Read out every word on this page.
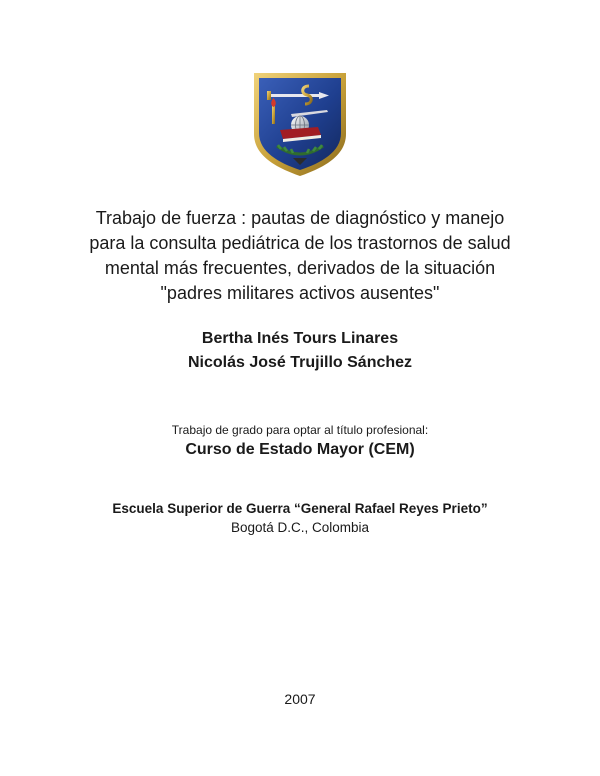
Trabajo de fuerza : pautas de diagnóstico y manejo
para la consulta pediátrica de los trastornos de salud
mental más frecuentes, derivados de la situación
"padres militares activos ausentes"
Bertha Inés Tours Linares
Nicolás José Trujillo Sánchez
Trabajo de grado para optar al título profesional:
Curso de Estado Mayor (CEM)
Escuela Superior de Guerra “General Rafael Reyes Prieto”
Bogotá D.C., Colombia
2007
